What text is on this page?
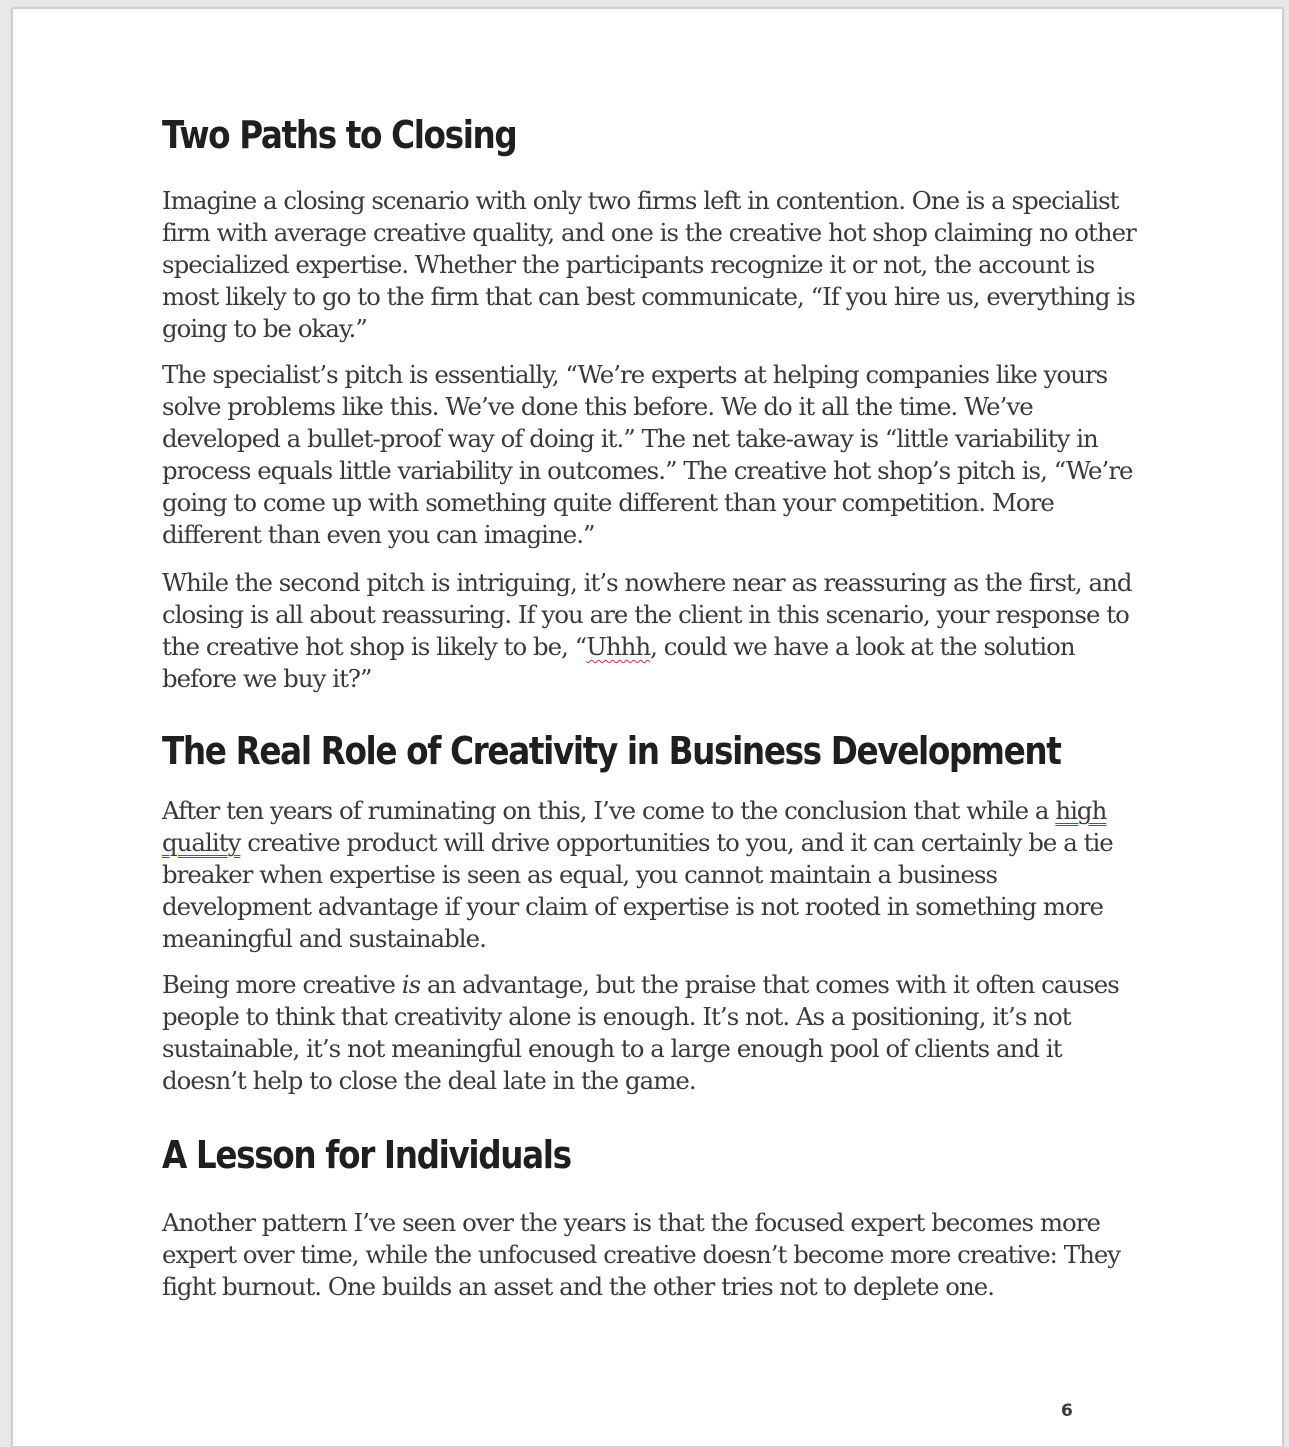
Two Paths to Closing

Imagine a closing scenario with only two firms left in contention. One is a specialist firm with average creative quality, and one is the creative hot shop claiming no other specialized expertise. Whether the participants recognize it or not, the account is most likely to go to the firm that can best communicate, “If you hire us, everything is going to be okay.”

The specialist’s pitch is essentially, “We’re experts at helping companies like yours solve problems like this. We’ve done this before. We do it all the time. We’ve developed a bullet-proof way of doing it.” The net take-away is “little variability in process equals little variability in outcomes.” The creative hot shop’s pitch is, “We’re going to come up with something quite different than your competition. More different than even you can imagine.”

While the second pitch is intriguing, it’s nowhere near as reassuring as the first, and closing is all about reassuring. If you are the client in this scenario, your response to the creative hot shop is likely to be, “Uhhh, could we have a look at the solution before we buy it?”

The Real Role of Creativity in Business Development

After ten years of ruminating on this, I’ve come to the conclusion that while a high quality creative product will drive opportunities to you, and it can certainly be a tie breaker when expertise is seen as equal, you cannot maintain a business development advantage if your claim of expertise is not rooted in something more meaningful and sustainable.

Being more creative is an advantage, but the praise that comes with it often causes people to think that creativity alone is enough. It’s not. As a positioning, it’s not sustainable, it’s not meaningful enough to a large enough pool of clients and it doesn’t help to close the deal late in the game.

A Lesson for Individuals

Another pattern I’ve seen over the years is that the focused expert becomes more expert over time, while the unfocused creative doesn’t become more creative: They fight burnout. One builds an asset and the other tries not to deplete one.

6
